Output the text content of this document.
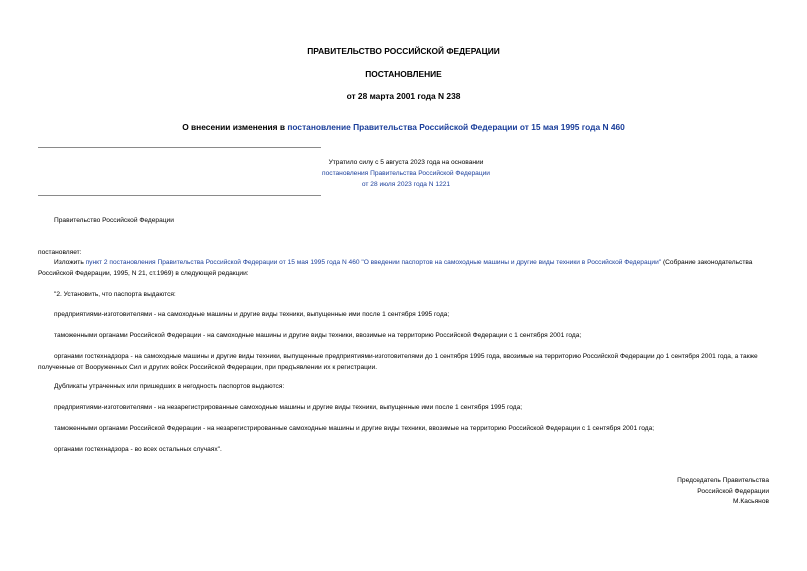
ПРАВИТЕЛЬСТВО РОССИЙСКОЙ ФЕДЕРАЦИИ
ПОСТАНОВЛЕНИЕ
от 28 марта 2001 года N 238
О внесении изменения в постановление Правительства Российской Федерации от 15 мая 1995 года N 460
Утратило силу с 5 августа 2023 года на основании
постановления Правительства Российской Федерации
от 28 июля 2023 года N 1221
Правительство Российской Федерации
постановляет:
Изложить пункт 2 постановления Правительства Российской Федерации от 15 мая 1995 года N 460 "О введении паспортов на самоходные машины и другие виды техники в Российской Федерации" (Собрание законодательства Российской Федерации, 1995, N 21, ст.1969) в следующей редакции:
"2. Установить, что паспорта выдаются:
предприятиями-изготовителями - на самоходные машины и другие виды техники, выпущенные ими после 1 сентября 1995 года;
таможенными органами Российской Федерации - на самоходные машины и другие виды техники, ввозимые на территорию Российской Федерации с 1 сентября 2001 года;
органами гостехнадзора - на самоходные машины и другие виды техники, выпущенные предприятиями-изготовителями до 1 сентября 1995 года, ввозимые на территорию Российской Федерации до 1 сентября 2001 года, а также полученные от Вооруженных Сил и других войск Российской Федерации, при предъявлении их к регистрации.
Дубликаты утраченных или пришедших в негодность паспортов выдаются:
предприятиями-изготовителями - на незарегистрированные самоходные машины и другие виды техники, выпущенные ими после 1 сентября 1995 года;
таможенными органами Российской Федерации - на незарегистрированные самоходные машины и другие виды техники, ввозимые на территорию Российской Федерации с 1 сентября 2001 года;
органами гостехнадзора - во всех остальных случаях".
Председатель Правительства
Российской Федерации
М.Касьянов
